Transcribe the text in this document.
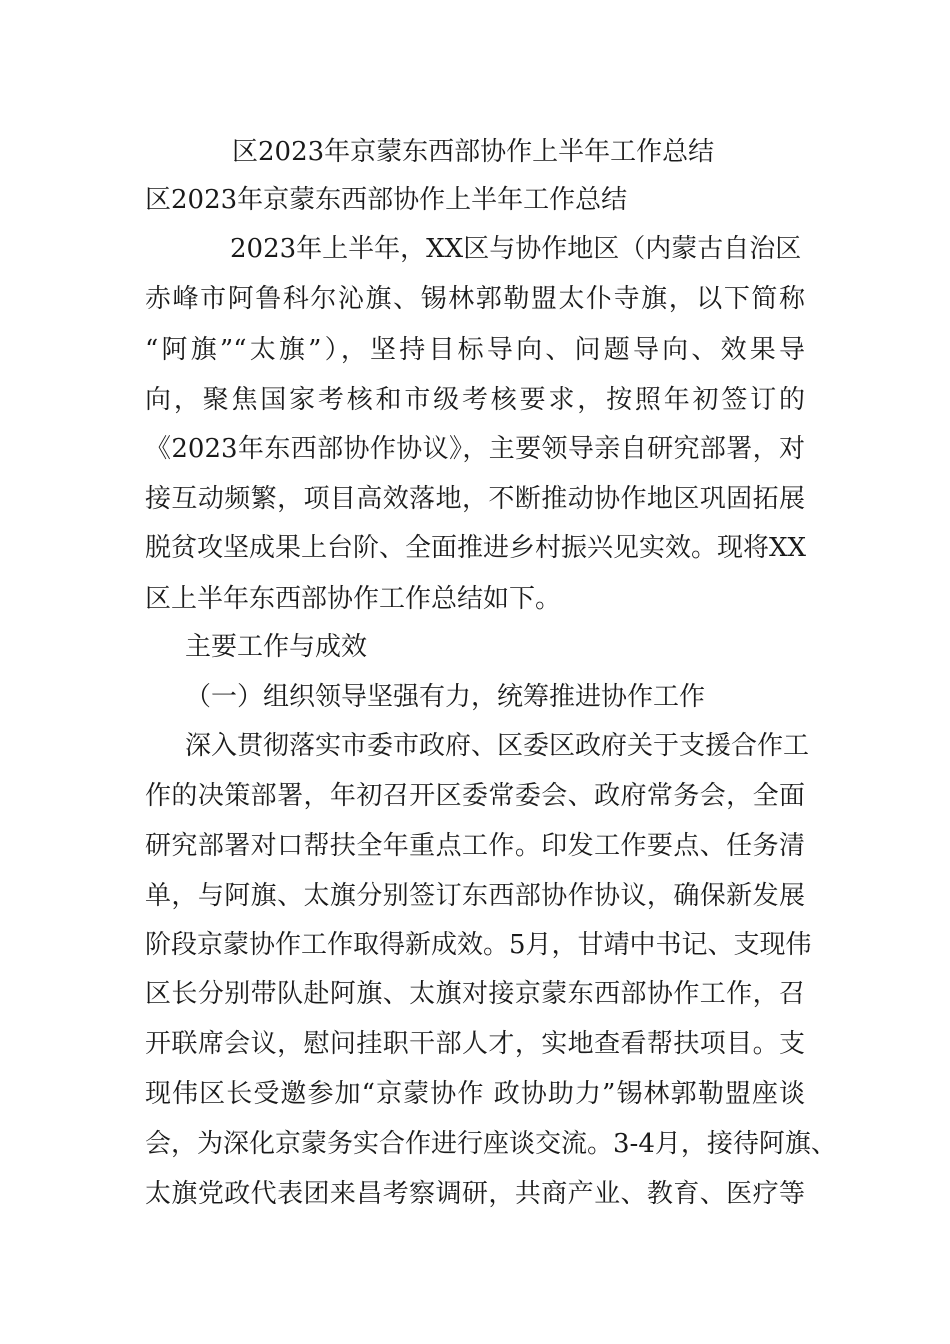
区2023年京蒙东西部协作上半年工作总结
区2023年京蒙东西部协作上半年工作总结
2023年上半年，XX区与协作地区（内蒙古自治区
赤峰市阿鲁科尔沁旗、锡林郭勒盟太仆寺旗，以下简称
“阿旗”“太旗”），坚持目标导向、问题导向、效果导
向，聚焦国家考核和市级考核要求，按照年初签订的
《2023年东西部协作协议》，主要领导亲自研究部署，对
接互动频繁，项目高效落地，不断推动协作地区巩固拓展
脱贫攻坚成果上台阶、全面推进乡村振兴见实效。现将XX
区上半年东西部协作工作总结如下。
主要工作与成效
（一）组织领导坚强有力，统筹推进协作工作
深入贯彻落实市委市政府、区委区政府关于支援合作工
作的决策部署，年初召开区委常委会、政府常务会，全面
研究部署对口帮扶全年重点工作。印发工作要点、任务清
单，与阿旗、太旗分别签订东西部协作协议，确保新发展
阶段京蒙协作工作取得新成效。5月，甘靖中书记、支现伟
区长分别带队赴阿旗、太旗对接京蒙东西部协作工作，召
开联席会议，慰问挂职干部人才，实地查看帮扶项目。支
现伟区长受邀参加“京蒙协作 政协助力”锡林郭勒盟座谈
会，为深化京蒙务实合作进行座谈交流。3-4月，接待阿旗、
太旗党政代表团来昌考察调研，共商产业、教育、医疗等
